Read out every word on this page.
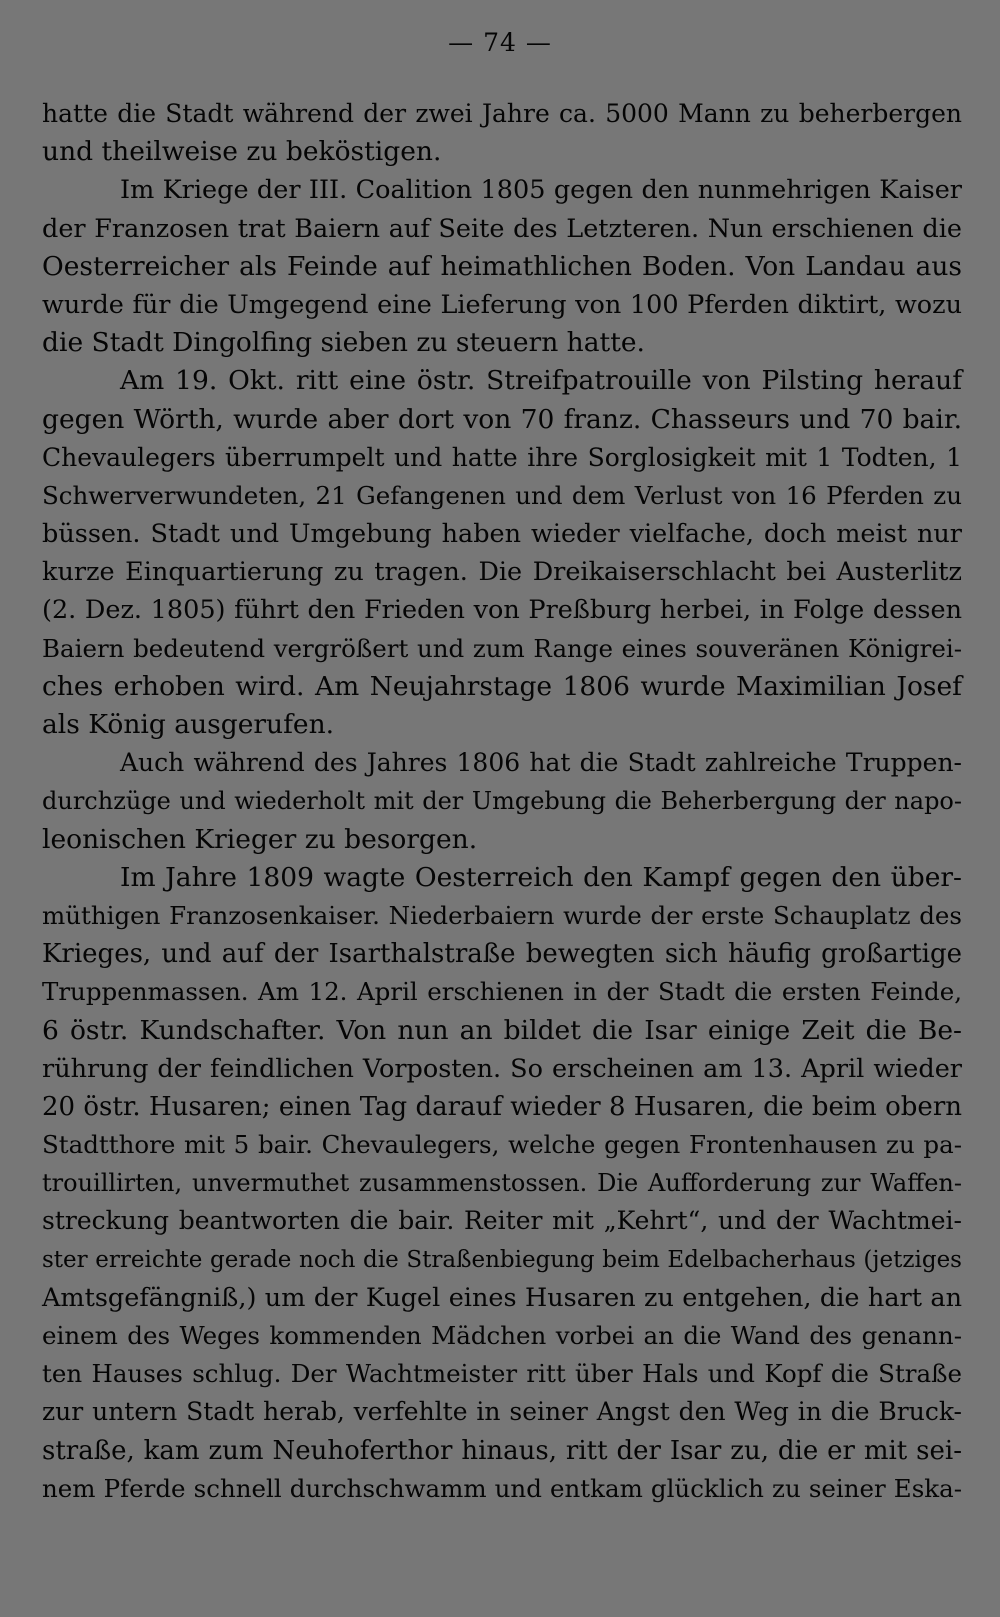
— 74 —
hatte die Stadt während der zwei Jahre ca. 5000 Mann zu beherbergen
und theilweise zu beköstigen.
Im Kriege der III. Coalition 1805 gegen den nunmehrigen Kaiser
der Franzosen trat Baiern auf Seite des Letzteren. Nun erschienen die
Oesterreicher als Feinde auf heimathlichen Boden. Von Landau aus
wurde für die Umgegend eine Lieferung von 100 Pferden diktirt, wozu
die Stadt Dingolfing sieben zu steuern hatte.
Am 19. Okt. ritt eine östr. Streifpatrouille von Pilsting herauf
gegen Wörth, wurde aber dort von 70 franz. Chasseurs und 70 bair.
Chevaulegers überrumpelt und hatte ihre Sorglosigkeit mit 1 Todten, 1
Schwerverwundeten, 21 Gefangenen und dem Verlust von 16 Pferden zu
büssen. Stadt und Umgebung haben wieder vielfache, doch meist nur
kurze Einquartierung zu tragen. Die Dreikaiserschlacht bei Austerlitz
(2. Dez. 1805) führt den Frieden von Preßburg herbei, in Folge dessen
Baiern bedeutend vergrößert und zum Range eines souveränen Königrei-
ches erhoben wird. Am Neujahrstage 1806 wurde Maximilian Josef
als König ausgerufen.
Auch während des Jahres 1806 hat die Stadt zahlreiche Truppen-
durchzüge und wiederholt mit der Umgebung die Beherbergung der napo-
leonischen Krieger zu besorgen.
Im Jahre 1809 wagte Oesterreich den Kampf gegen den über-
müthigen Franzosenkaiser. Niederbaiern wurde der erste Schauplatz des
Krieges, und auf der Isarthalstraße bewegten sich häufig großartige
Truppenmassen. Am 12. April erschienen in der Stadt die ersten Feinde,
6 östr. Kundschafter. Von nun an bildet die Isar einige Zeit die Be-
rührung der feindlichen Vorposten. So erscheinen am 13. April wieder
20 östr. Husaren; einen Tag darauf wieder 8 Husaren, die beim obern
Stadtthore mit 5 bair. Chevaulegers, welche gegen Frontenhausen zu pa-
trouillirten, unvermuthet zusammenstossen. Die Aufforderung zur Waffen-
streckung beantworten die bair. Reiter mit „Kehrt“, und der Wachtmei-
ster erreichte gerade noch die Straßenbiegung beim Edelbacherhaus (jetziges
Amtsgefängniß,) um der Kugel eines Husaren zu entgehen, die hart an
einem des Weges kommenden Mädchen vorbei an die Wand des genann-
ten Hauses schlug. Der Wachtmeister ritt über Hals und Kopf die Straße
zur untern Stadt herab, verfehlte in seiner Angst den Weg in die Bruck-
straße, kam zum Neuhoferthor hinaus, ritt der Isar zu, die er mit sei-
nem Pferde schnell durchschwamm und entkam glücklich zu seiner Eska-
